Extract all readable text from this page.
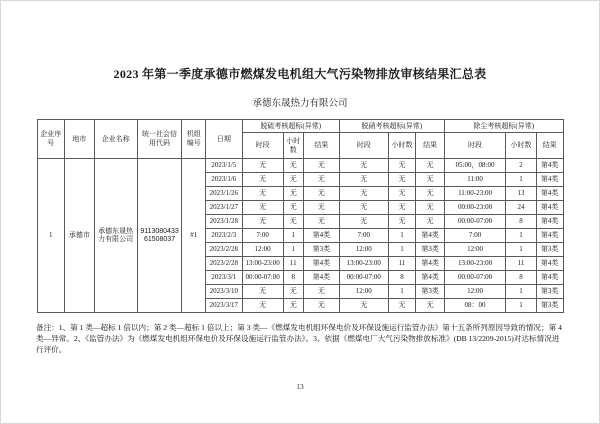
2023 年第一季度承德市燃煤发电机组大气污染物排放审核结果汇总表
承德东晟热力有限公司
企业序号	地市	企业名称	统一社会信用代码	机组编号	日期	脱硫考核超标(异常)			脱硝考核超标(异常)			除尘考核超标(异常)		
						时段	小时数	结果	时段	小时数	结果	时段	小时数	结果
1	承德市	承德东晟热力有限公司	911308043361508037	#1	2023/1/5	无	无	无	无	无	无	05:00，08:00	2	第4类
					2023/1/6	无	无	无	无	无	无	11:00	1	第4类
					2023/1/26	无	无	无	无	无	无	11:00-23:00	13	第4类
					2023/1/27	无	无	无	无	无	无	00:00-23:00	24	第4类
					2023/1/28	无	无	无	无	无	无	00:00-07:00	8	第4类
					2023/2/3	7:00	1	第4类	7:00	1	第4类	7:00	1	第4类
					2023/2/28	12:00	1	第3类	12:00	1	第3类	12:00	1	第3类
					2023/2/28	13:00-23:00	11	第4类	13:00-23:00	11	第4类	13:00-23:00	11	第4类
					2023/3/1	00:00-07:00	8	第4类	00:00-07:00	8	第4类	00:00-07:00	8	第4类
					2023/3/10	无	无	无	12:00	1	第3类	12:00	1	第3类
					2023/3/17	无	无	无	无	无	无	08：00	1	第3类

备注：1、第 1 类—超标 1 倍以内；第 2 类—超标 1 倍以上；第 3 类—《燃煤发电机组环保电价及环保设施运行监管办法》第十五条所列原因导致的情况；第 4 类—异常。2、《监管办法》为《燃煤发电机组环保电价及环保设施运行监管办法》。3、依据《燃煤电厂大气污染物排放标准》(DB 13/2209-2015)对达标情况进行评价。

13
